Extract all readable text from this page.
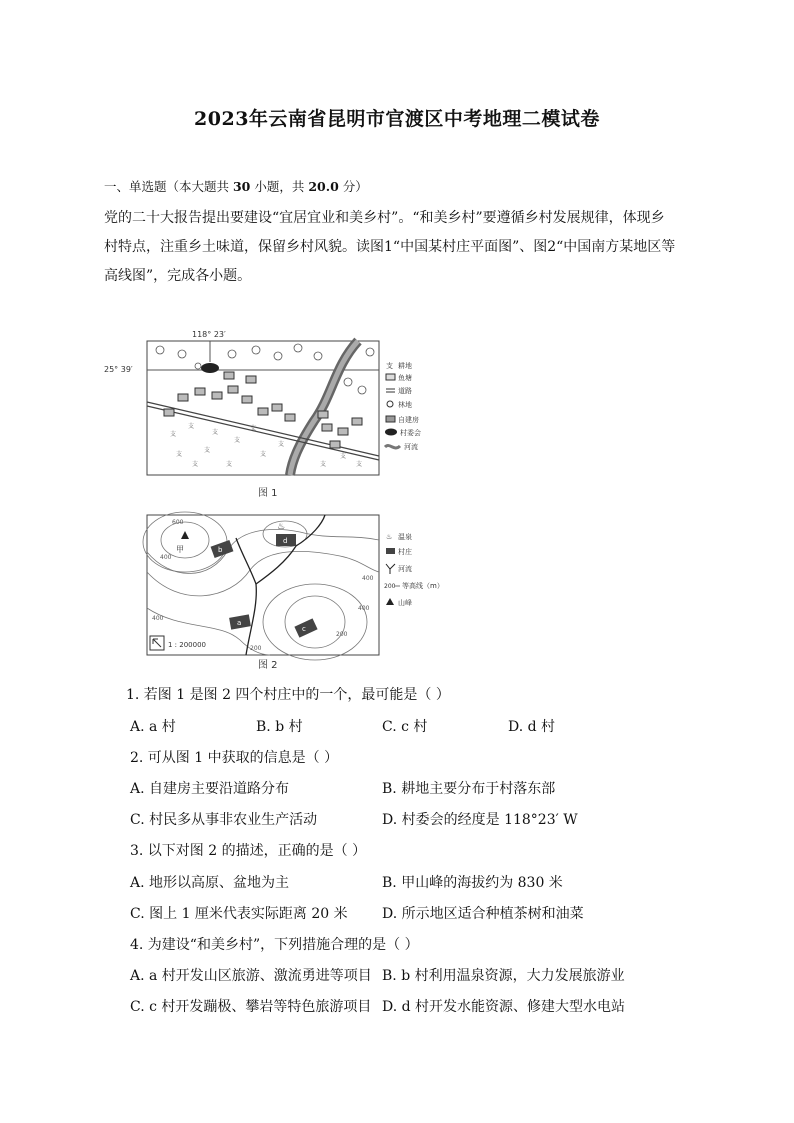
2023年云南省昆明市官渡区中考地理二模试卷
一、单选题（本大题共 30 小题，共 20.0 分）
党的二十大报告提出要建设“宜居宜业和美乡村”。“和美乡村”要遵循乡村发展规律，体现乡
村特点，注重乡土味道，保留乡村风貌。读图1“中国某村庄平面图”、图2“中国南方某地区等
高线图”，完成各小题。
118° 23′
25° 39′
支
支
支
支
支
支
支
支
支
支	支
支
支
支
支 耕地
鱼塘
道路
林地
自建房
村委会
河流
图 1
甲
♨
b
d
a
c
600
400
400
400
400
200
200
1 : 200000
♨ 温泉
村庄
河流
200 等高线（m）
山峰
图 2
1. 若图 1 是图 2 四个村庄中的一个，最可能是（ ）
A. a 村	B. b 村	C. c 村	D. d 村
2. 可从图 1 中获取的信息是（ ）
A. 自建房主要沿道路分布	B. 耕地主要分布于村落东部
C. 村民多从事非农业生产活动	D. 村委会的经度是 118°23′ W
3. 以下对图 2 的描述，正确的是（ ）
A. 地形以高原、盆地为主	B. 甲山峰的海拔约为 830 米
C. 图上 1 厘米代表实际距离 20 米 D. 所示地区适合种植茶树和油菜
4. 为建设“和美乡村”，下列措施合理的是（ ）
A. a 村开发山区旅游、激流勇进等项目 B. b 村利用温泉资源，大力发展旅游业
C. c 村开发蹦极、攀岩等特色旅游项目 D. d 村开发水能资源、修建大型水电站
